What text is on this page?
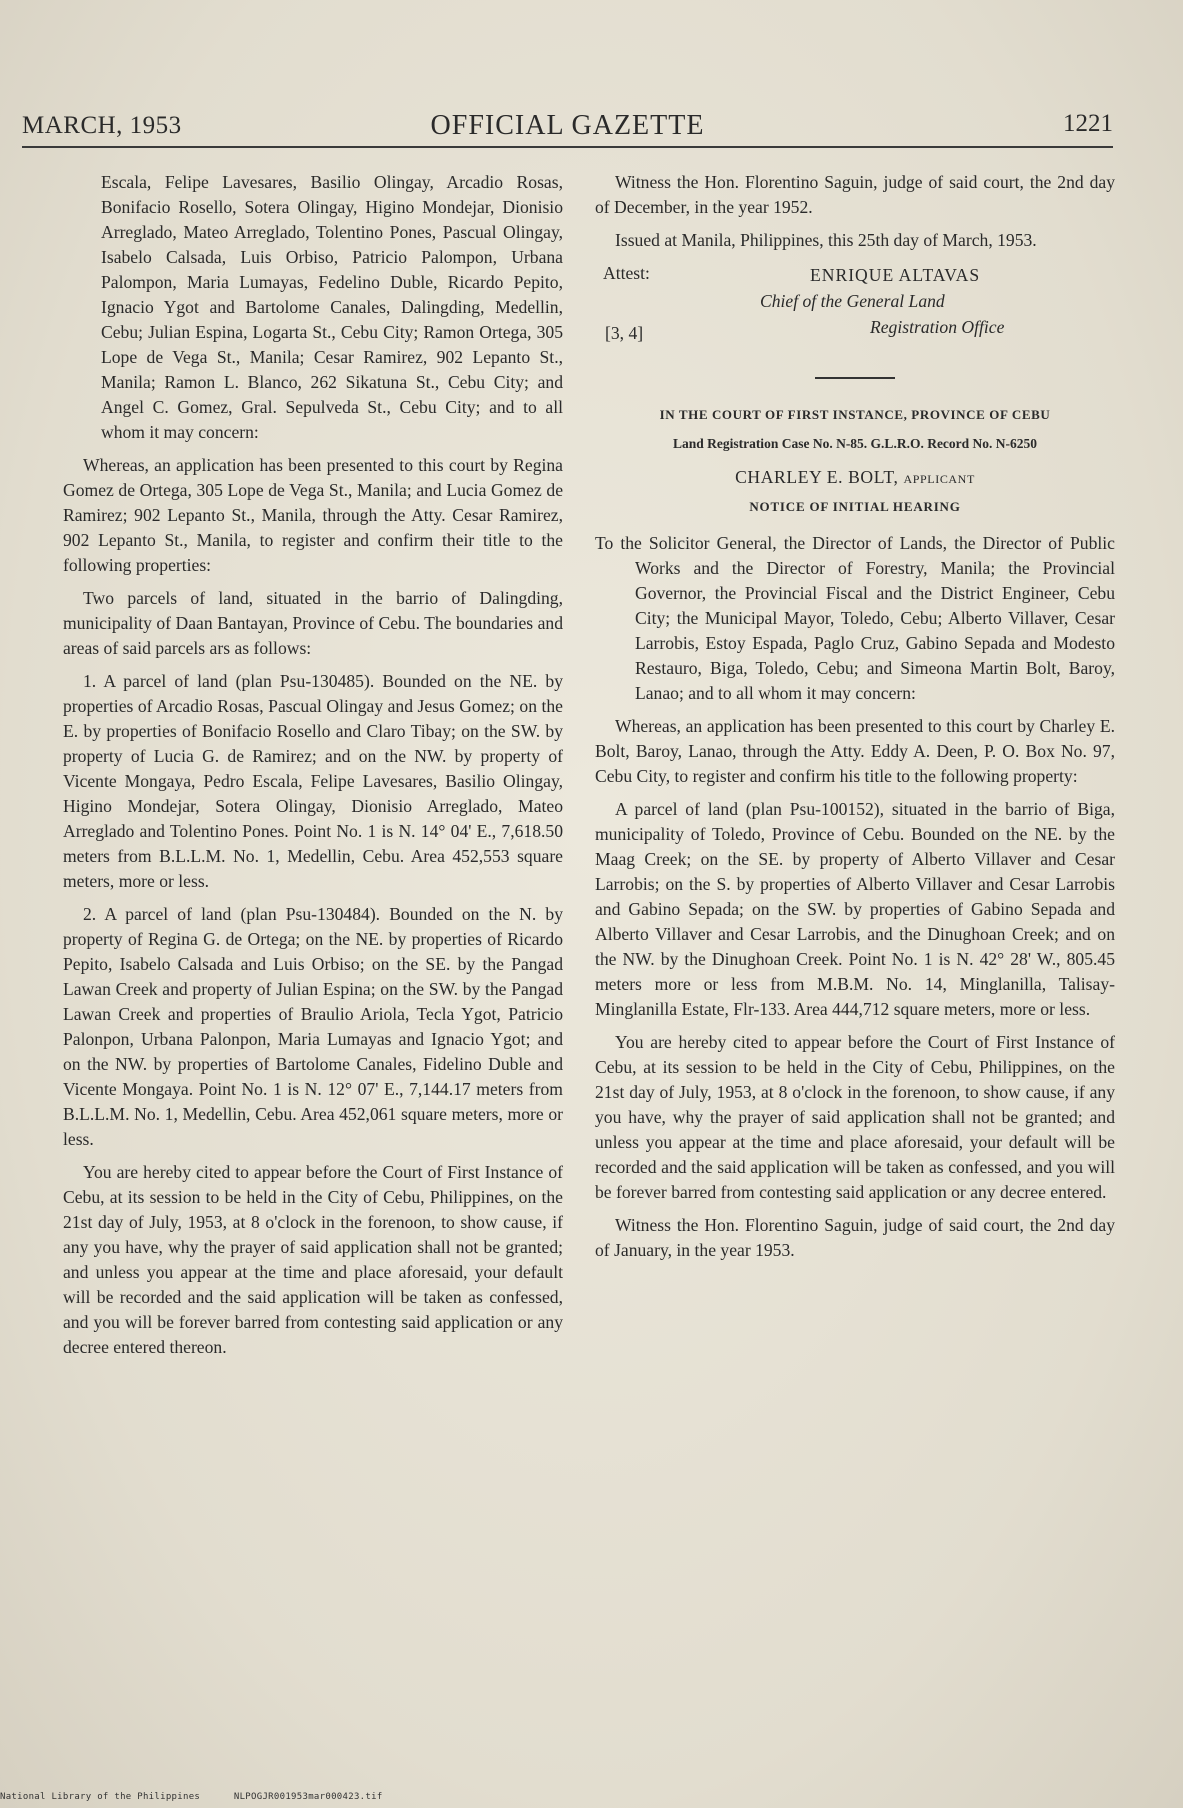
MARCH, 1953	OFFICIAL GAZETTE	1221

Escala, Felipe Lavesares, Basilio Olingay, Arcadio Rosas, Bonifacio Rosello, Sotera Olingay, Higino Mondejar, Dionisio Arreglado, Mateo Arreglado, Tolentino Pones, Pascual Olingay, Isabelo Calsada, Luis Orbiso, Patricio Palompon, Urbana Palompon, Maria Lumayas, Fedelino Duble, Ricardo Pepito, Ignacio Ygot and Bartolome Canales, Dalingding, Medellin, Cebu; Julian Espina, Logarta St., Cebu City; Ramon Ortega, 305 Lope de Vega St., Manila; Cesar Ramirez, 902 Lepanto St., Manila; Ramon L. Blanco, 262 Sikatuna St., Cebu City; and Angel C. Gomez, Gral. Sepulveda St., Cebu City; and to all whom it may concern:

Whereas, an application has been presented to this court by Regina Gomez de Ortega, 305 Lope de Vega St., Manila; and Lucia Gomez de Ramirez; 902 Lepanto St., Manila, through the Atty. Cesar Ramirez, 902 Lepanto St., Manila, to register and confirm their title to the following properties:

Two parcels of land, situated in the barrio of Dalingding, municipality of Daan Bantayan, Province of Cebu. The boundaries and areas of said parcels ars as follows:

1. A parcel of land (plan Psu-130485). Bounded on the NE. by properties of Arcadio Rosas, Pascual Olingay and Jesus Gomez; on the E. by properties of Bonifacio Rosello and Claro Tibay; on the SW. by property of Lucia G. de Ramirez; and on the NW. by property of Vicente Mongaya, Pedro Escala, Felipe Lavesares, Basilio Olingay, Higino Mondejar, Sotera Olingay, Dionisio Arreglado, Mateo Arreglado and Tolentino Pones. Point No. 1 is N. 14° 04' E., 7,618.50 meters from B.L.L.M. No. 1, Medellin, Cebu. Area 452,553 square meters, more or less.

2. A parcel of land (plan Psu-130484). Bounded on the N. by property of Regina G. de Ortega; on the NE. by properties of Ricardo Pepito, Isabelo Calsada and Luis Orbiso; on the SE. by the Pangad Lawan Creek and property of Julian Espina; on the SW. by the Pangad Lawan Creek and properties of Braulio Ariola, Tecla Ygot, Patricio Palonpon, Urbana Palonpon, Maria Lumayas and Ignacio Ygot; and on the NW. by properties of Bartolome Canales, Fidelino Duble and Vicente Mongaya. Point No. 1 is N. 12° 07' E., 7,144.17 meters from B.L.L.M. No. 1, Medellin, Cebu. Area 452,061 square meters, more or less.

You are hereby cited to appear before the Court of First Instance of Cebu, at its session to be held in the City of Cebu, Philippines, on the 21st day of July, 1953, at 8 o'clock in the forenoon, to show cause, if any you have, why the prayer of said application shall not be granted; and unless you appear at the time and place aforesaid, your default will be recorded and the said application will be taken as confessed, and you will be forever barred from contesting said application or any decree entered thereon.

Witness the Hon. Florentino Saguin, judge of said court, the 2nd day of December, in the year 1952.

Issued at Manila, Philippines, this 25th day of March, 1953.

Attest:	ENRIQUE ALTAVAS
Chief of the General Land
[3, 4]	Registration Office
IN THE COURT OF FIRST INSTANCE, PROVINCE OF CEBU
Land Registration Case No. N-85. G.L.R.O. Record No. N-6250
CHARLEY E. BOLT, applicant
NOTICE OF INITIAL HEARING

To the Solicitor General, the Director of Lands, the Director of Public Works and the Director of Forestry, Manila; the Provincial Governor, the Provincial Fiscal and the District Engineer, Cebu City; the Municipal Mayor, Toledo, Cebu; Alberto Villaver, Cesar Larrobis, Estoy Espada, Paglo Cruz, Gabino Sepada and Modesto Restauro, Biga, Toledo, Cebu; and Simeona Martin Bolt, Baroy, Lanao; and to all whom it may concern:

Whereas, an application has been presented to this court by Charley E. Bolt, Baroy, Lanao, through the Atty. Eddy A. Deen, P. O. Box No. 97, Cebu City, to register and confirm his title to the following property:

A parcel of land (plan Psu-100152), situated in the barrio of Biga, municipality of Toledo, Province of Cebu. Bounded on the NE. by the Maag Creek; on the SE. by property of Alberto Villaver and Cesar Larrobis; on the S. by properties of Alberto Villaver and Cesar Larrobis and Gabino Sepada; on the SW. by properties of Gabino Sepada and Alberto Villaver and Cesar Larrobis, and the Dinughoan Creek; and on the NW. by the Dinughoan Creek. Point No. 1 is N. 42° 28' W., 805.45 meters more or less from M.B.M. No. 14, Minglanilla, Talisay-Minglanilla Estate, Flr-133. Area 444,712 square meters, more or less.

You are hereby cited to appear before the Court of First Instance of Cebu, at its session to be held in the City of Cebu, Philippines, on the 21st day of July, 1953, at 8 o'clock in the forenoon, to show cause, if any you have, why the prayer of said application shall not be granted; and unless you appear at the time and place aforesaid, your default will be recorded and the said application will be taken as confessed, and you will be forever barred from contesting said application or any decree entered.

Witness the Hon. Florentino Saguin, judge of said court, the 2nd day of January, in the year 1953.

National Library of the Philippines	NLPOGJR001953mar000423.tif
